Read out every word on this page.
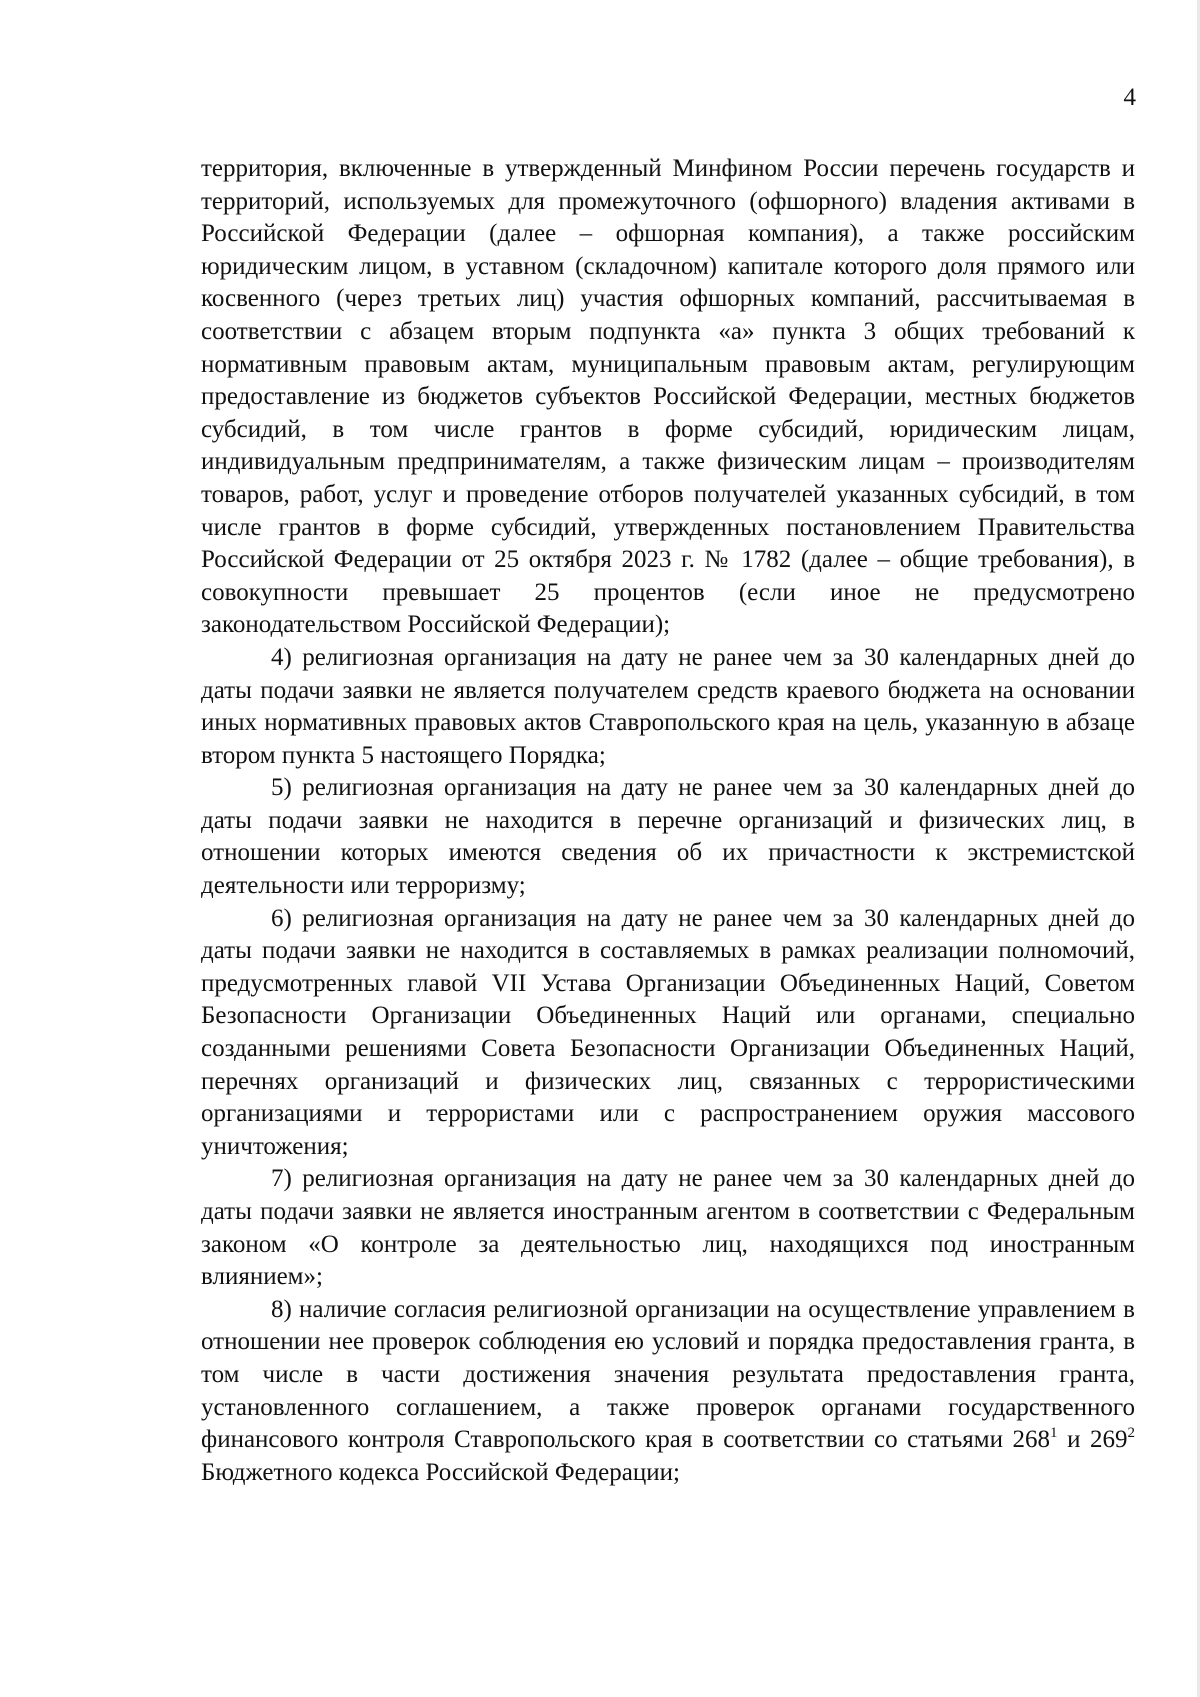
4

территория, включенные в утвержденный Минфином России перечень государств и территорий, используемых для промежуточного (офшорного) владения активами в Российской Федерации (далее – офшорная компания), а также российским юридическим лицом, в уставном (складочном) капитале которого доля прямого или косвенного (через третьих лиц) участия офшорных компаний, рассчитываемая в соответствии с абзацем вторым подпункта «а» пункта 3 общих требований к нормативным правовым актам, муниципальным правовым актам, регулирующим предоставление из бюджетов субъектов Российской Федерации, местных бюджетов субсидий, в том числе грантов в форме субсидий, юридическим лицам, индивидуальным предпринимателям, а также физическим лицам – производителям товаров, работ, услуг и проведение отборов получателей указанных субсидий, в том числе грантов в форме субсидий, утвержденных постановлением Правительства Российской Федерации от 25 октября 2023 г. № 1782 (далее – общие требования), в совокупности превышает 25 процентов (если иное не предусмотрено законодательством Российской Федерации);

4) религиозная организация на дату не ранее чем за 30 календарных дней до даты подачи заявки не является получателем средств краевого бюджета на основании иных нормативных правовых актов Ставропольского края на цель, указанную в абзаце втором пункта 5 настоящего Порядка;

5) религиозная организация на дату не ранее чем за 30 календарных дней до даты подачи заявки не находится в перечне организаций и физических лиц, в отношении которых имеются сведения об их причастности к экстремистской деятельности или терроризму;

6) религиозная организация на дату не ранее чем за 30 календарных дней до даты подачи заявки не находится в составляемых в рамках реализации полномочий, предусмотренных главой VII Устава Организации Объединенных Наций, Советом Безопасности Организации Объединенных Наций или органами, специально созданными решениями Совета Безопасности Организации Объединенных Наций, перечнях организаций и физических лиц, связанных с террористическими организациями и террористами или с распространением оружия массового уничтожения;

7) религиозная организация на дату не ранее чем за 30 календарных дней до даты подачи заявки не является иностранным агентом в соответствии с Федеральным законом «О контроле за деятельностью лиц, находящихся под иностранным влиянием»;

8) наличие согласия религиозной организации на осуществление управлением в отношении нее проверок соблюдения ею условий и порядка предоставления гранта, в том числе в части достижения значения результата предоставления гранта, установленного соглашением, а также проверок органами государственного финансового контроля Ставропольского края в соответствии со статьями $268^1$ и $269^2$ Бюджетного кодекса Российской Федерации;
